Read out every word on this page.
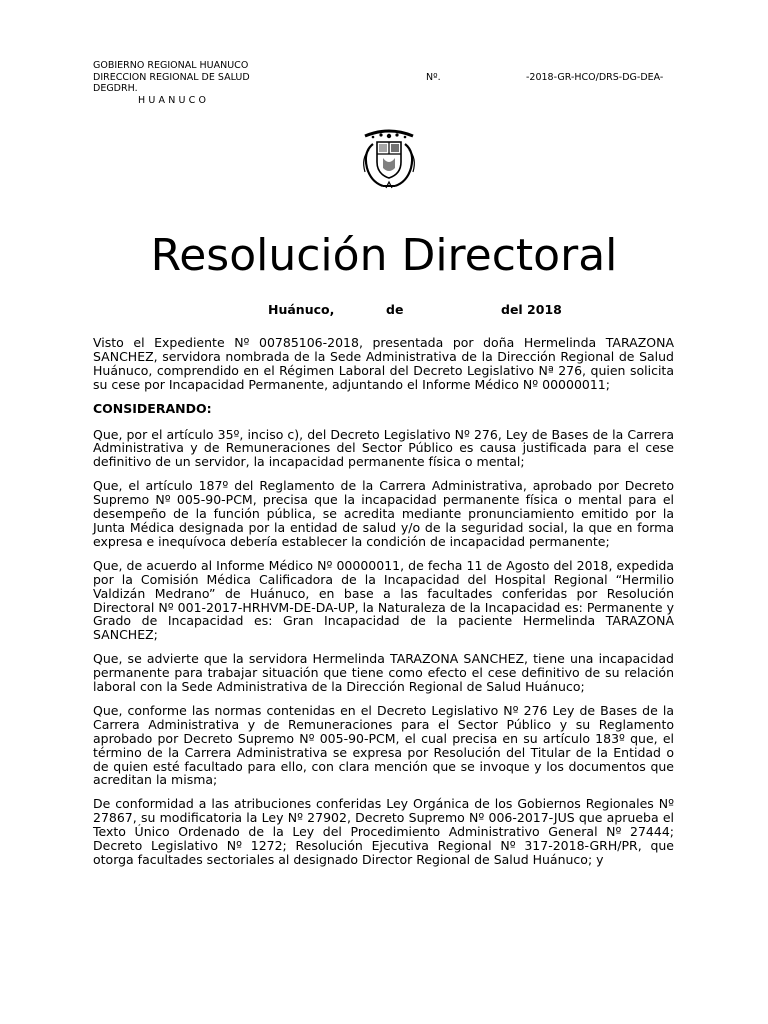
GOBIERNO REGIONAL HUANUCO
DIRECCION REGIONAL DE SALUD	Nº.	-2018-GR-HCO/DRS-DG-DEA-
DEGDRH.
HUANUCO
Resolución Directoral
Huánuco,	de	del 2018

Visto el Expediente Nº 00785106-2018, presentada por doña Hermelinda TARAZONA SANCHEZ, servidora nombrada de la Sede Administrativa de la Dirección Regional de Salud Huánuco, comprendido en el Régimen Laboral del Decreto Legislativo Nª 276, quien solicita su cese por Incapacidad Permanente, adjuntando el Informe Médico Nº 00000011;

CONSIDERANDO:

Que, por el artículo 35º, inciso c), del Decreto Legislativo Nº 276, Ley de Bases de la Carrera Administrativa y de Remuneraciones del Sector Público es causa justificada para el cese definitivo de un servidor, la incapacidad permanente física o mental;

Que, el artículo 187º del Reglamento de la Carrera Administrativa, aprobado por Decreto Supremo Nº 005-90-PCM, precisa que la incapacidad permanente física o mental para el desempeño de la función pública, se acredita mediante pronunciamiento emitido por la Junta Médica designada por la entidad de salud y/o de la seguridad social, la que en forma expresa e inequívoca debería establecer la condición de incapacidad permanente;

Que, de acuerdo al Informe Médico Nº 00000011, de fecha 11 de Agosto del 2018, expedida por la Comisión Médica Calificadora de la Incapacidad del Hospital Regional “Hermilio Valdizán Medrano” de Huánuco, en base a las facultades conferidas por Resolución Directoral Nº 001-2017-HRHVM-DE-DA-UP, la Naturaleza de la Incapacidad es: Permanente y Grado de Incapacidad es: Gran Incapacidad de la paciente Hermelinda TARAZONA SANCHEZ;

Que, se advierte que la servidora Hermelinda TARAZONA SANCHEZ, tiene una incapacidad permanente para trabajar situación que tiene como efecto el cese definitivo de su relación laboral con la Sede Administrativa de la Dirección Regional de Salud Huánuco;

Que, conforme las normas contenidas en el Decreto Legislativo Nº 276 Ley de Bases de la Carrera Administrativa y de Remuneraciones para el Sector Público y su Reglamento aprobado por Decreto Supremo Nº 005-90-PCM, el cual precisa en su artículo 183º que, el término de la Carrera Administrativa se expresa por Resolución del Titular de la Entidad o de quien esté facultado para ello, con clara mención que se invoque y los documentos que acreditan la misma;

De conformidad a las atribuciones conferidas Ley Orgánica de los Gobiernos Regionales Nº 27867, su modificatoria la Ley Nº 27902, Decreto Supremo Nº 006-2017-JUS que aprueba el Texto Único Ordenado de la Ley del Procedimiento Administrativo General Nº 27444; Decreto Legislativo Nº 1272; Resolución Ejecutiva Regional Nº 317-2018-GRH/PR, que otorga facultades sectoriales al designado Director Regional de Salud Huánuco; y
